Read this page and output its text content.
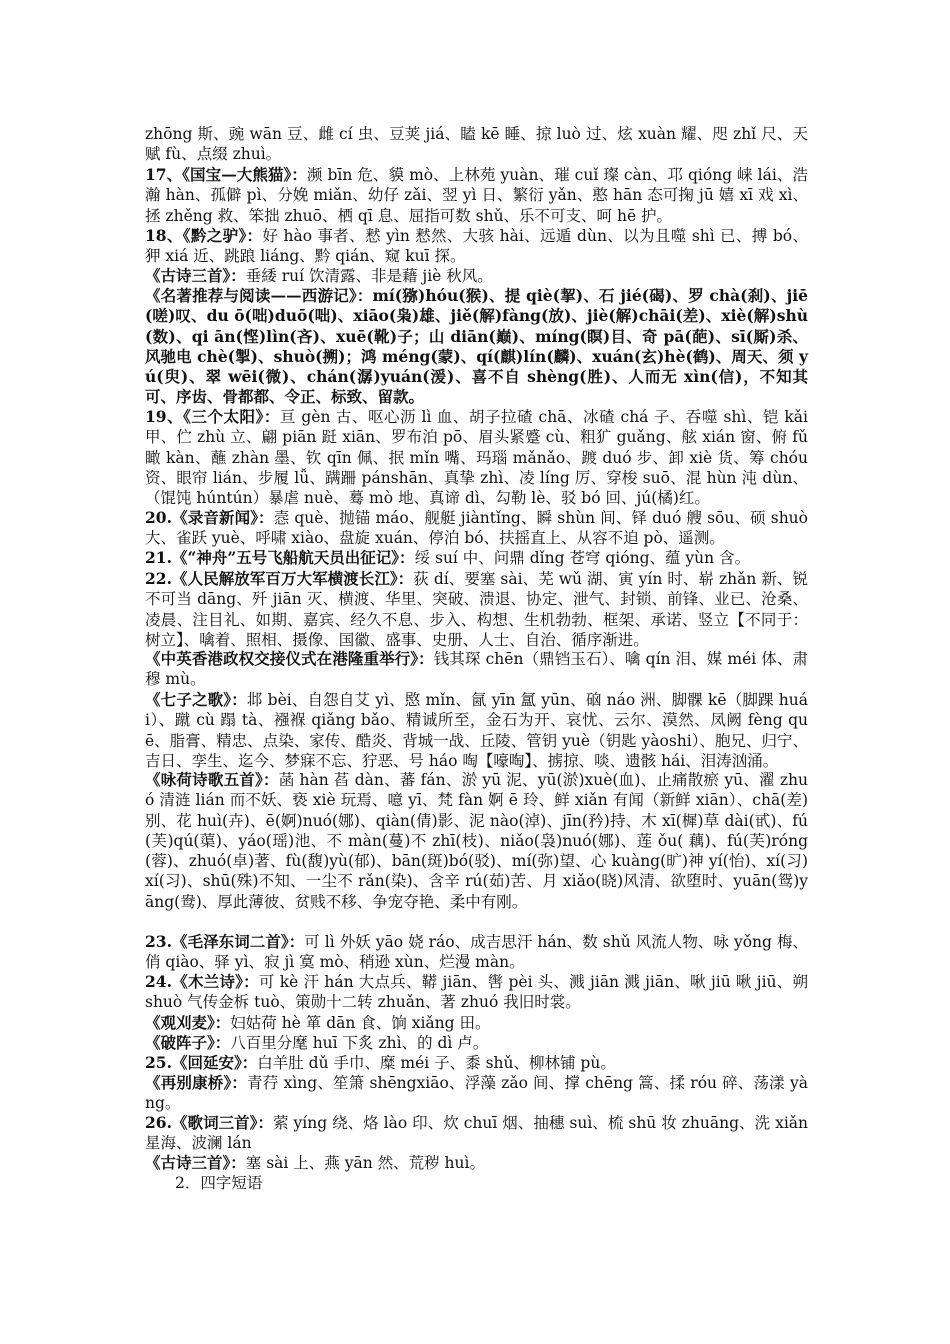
zhōng 斯、豌 wān 豆、雌 cí 虫、豆荚 jiá、瞌 kē 睡、掠 luò 过、炫 xuàn 耀、咫 zhǐ 尺、天赋 fù、点缀 zhuì。
17、《国宝—大熊猫》：濒 bīn 危、貘 mò、上林苑 yuàn、璀 cuǐ 璨 càn、邛 qióng 崃 lái、浩瀚 hàn、孤僻 pì、分娩 miǎn、幼仔 zǎi、翌 yì 日、繁衍 yǎn、憨 hān 态可掬 jū 嬉 xī 戏 xì、拯 zhěng 救、笨拙 zhuō、栖 qī 息、屈指可数 shǔ、乐不可支、呵 hē 护。
18、《黔之驴》：好 hào 事者、慭 yìn 慭然、大骇 hài、远遁 dùn、以为且噬 shì 已、搏 bó、狎 xiá 近、跳踉 liáng、黔 qián、窥 kuī 探。
《古诗三首》：垂緌 ruí 饮清露、非是藉 jiè 秋风。
《名著推荐与阅读——西游记》：mí(猕)hóu(猴)、提 qiè(挈)、石 jié(碣)、罗 chà(刹)、jiē(嗟)叹、du ō(咄)duō(咄)、xiāo(枭)雄、jiě(解)fàng(放)、jiè(解)chāi(差)、xiè(解)shù(数)、qi ān(悭)lìn(吝)、xuē(靴)子；山 diān(巅)、míng(瞑)目、奇 pā(葩)、sī(厮)杀、风驰电 chè(掣)、shuò(搠)；鸿 méng(蒙)、qí(麒)lín(麟)、xuán(玄)hè(鹤)、周天、须 yú(臾)、翠 wēi(微)、chán(潺)yuán(湲)、喜不自 shèng(胜)、人而无 xìn(信)，不知其可、序齿、骨都都、令正、标致、留款。
19、《三个太阳》：亘 gèn 古、呕心沥 lì 血、胡子拉碴 chā、冰碴 chá 子、吞噬 shì、铠 kǎi 甲、伫 zhù 立、翩 piān 跹 xiān、罗布泊 pō、眉头紧蹙 cù、粗犷 guǎng、舷 xián 窗、俯 fǔ 瞰 kàn、蘸 zhàn 墨、钦 qīn 佩、抿 mǐn 嘴、玛瑙 mǎnǎo、踱 duó 步、卸 xiè 货、筹 chóu 资、眼帘 lián、步履 lǚ、蹒跚 pánshān、真挚 zhì、凌 líng 厉、穿梭 suō、混 hùn 沌 dùn、（馄饨 húntún）暴虐 nuè、蓦 mò 地、真谛 dì、勾勒 lè、驳 bó 回、jú(橘)红。
20.《录音新闻》：悫 què、抛锚 máo、舰艇 jiàntǐng、瞬 shùn 间、铎 duó 艘 sōu、硕 shuò 大、雀跃 yuè、呼啸 xiào、盘旋 xuán、停泊 bó、扶摇直上、从容不迫 pò、遥测。
21.《“神舟”五号飞船航天员出征记》：绥 suí 中、问鼎 dǐng 苍穹 qióng、蕴 yùn 含。
22.《人民解放军百万大军横渡长江》：荻 dí、要塞 sài、芜 wǔ 湖、寅 yín 时、崭 zhǎn 新、锐不可当 dāng、歼 jiān 灭、横渡、华里、突破、溃退、协定、泄气、封锁、前锋、业已、沧桑、凌晨、注目礼、如期、嘉宾、经久不息、步入、构想、生机勃勃、框架、承诺、竖立【不同于：树立】、噙着、照相、摄像、国徽、盛事、史册、人士、自治、循序渐进。
《中英香港政权交接仪式在港隆重举行》：钱其琛 chēn（鼎铛玉石）、噙 qín 泪、媒 méi 体、肃穆 mù。
《七子之歌》：邶 bèi、自怨自艾 yì、愍 mǐn、氤 yīn 氲 yūn、硇 náo 洲、脚髁 kē（脚踝 huái）、蹴 cù 蹋 tà、襁褓 qiǎng bǎo、精诚所至，金石为开、哀忧、云尔、漠然、凤阙 fèng quē、脂膏、精忠、点染、家传、酷炎、背城一战、丘陵、管钥 yuè（钥匙 yàoshi）、胞兄、归宁、吉日、孪生、迄今、梦寐不忘、狞恶、号 háo 啕【嚎啕】、掳掠、啖、遗骸 hái、泪涛汹涌。
《咏荷诗歌五首》：菡 hàn 萏 dàn、蕃 fán、淤 yū 泥、yū(淤)xuè(血)、止痛散瘀 yū、濯 zhuó 清涟 lián 而不妖、亵 xiè 玩焉、噫 yī、梵 fàn 婀 ē 玲、鲜 xiǎn 有闻（新鲜 xiān）、chā(差)别、花 huì(卉)、ē(婀)nuó(娜)、qiàn(倩)影、泥 nào(淖)、jīn(矜)持、木 xī(樨)草 dài(甙)、fú(芙)qú(蕖)、yáo(瑶)池、不 màn(蔓)不 zhī(枝)、niǎo(袅)nuó(娜)、莲 ǒu( 藕)、fú(芙)róng(蓉)、zhuó(卓)著、fù(馥)yù(郁)、bān(斑)bó(驳)、mí(弥)望、心 kuàng(旷)神 yí(怡)、xí(习)xí(习)、shū(殊)不知、一尘不 rǎn(染)、含辛 rú(茹)苦、月 xiǎo(晓)风清、欲堕时、yuān(鸳)yāng(鸯)、厚此薄彼、贫贱不移、争宠夺艳、柔中有刚。
23.《毛泽东词二首》：可 lì 外妖 yāo 娆 ráo、成吉思汗 hán、数 shǔ 风流人物、咏 yǒng 梅、俏 qiào、驿 yì、寂 jì 寞 mò、稍逊 xùn、烂漫 màn。
24.《木兰诗》：可 kè 汗 hán 大点兵、鞯 jiān、辔 pèi 头、溅 jiān 溅 jiān、啾 jiū 啾 jiū、朔 shuò 气传金柝 tuò、策勋十二转 zhuǎn、著 zhuó 我旧时裳。
《观刈麦》：妇姑荷 hè 箪 dān 食、饷 xiǎng 田。
《破阵子》：八百里分麾 huī 下炙 zhì、的 dì 卢。
25.《回延安》：白羊肚 dǔ 手巾、糜 méi 子、黍 shǔ、柳林铺 pù。
《再别康桥》：青荇 xìng、笙箫 shēngxiāo、浮藻 zǎo 间、撑 chēng 篙、揉 róu 碎、荡漾 yàng。
26.《歌词三首》：萦 yíng 绕、烙 lào 印、炊 chuī 烟、抽穗 suì、梳 shū 妆 zhuāng、洗 xiǎn 星海、波澜 lán
《古诗三首》：塞 sài 上、燕 yān 然、荒秽 huì。
2．四字短语
